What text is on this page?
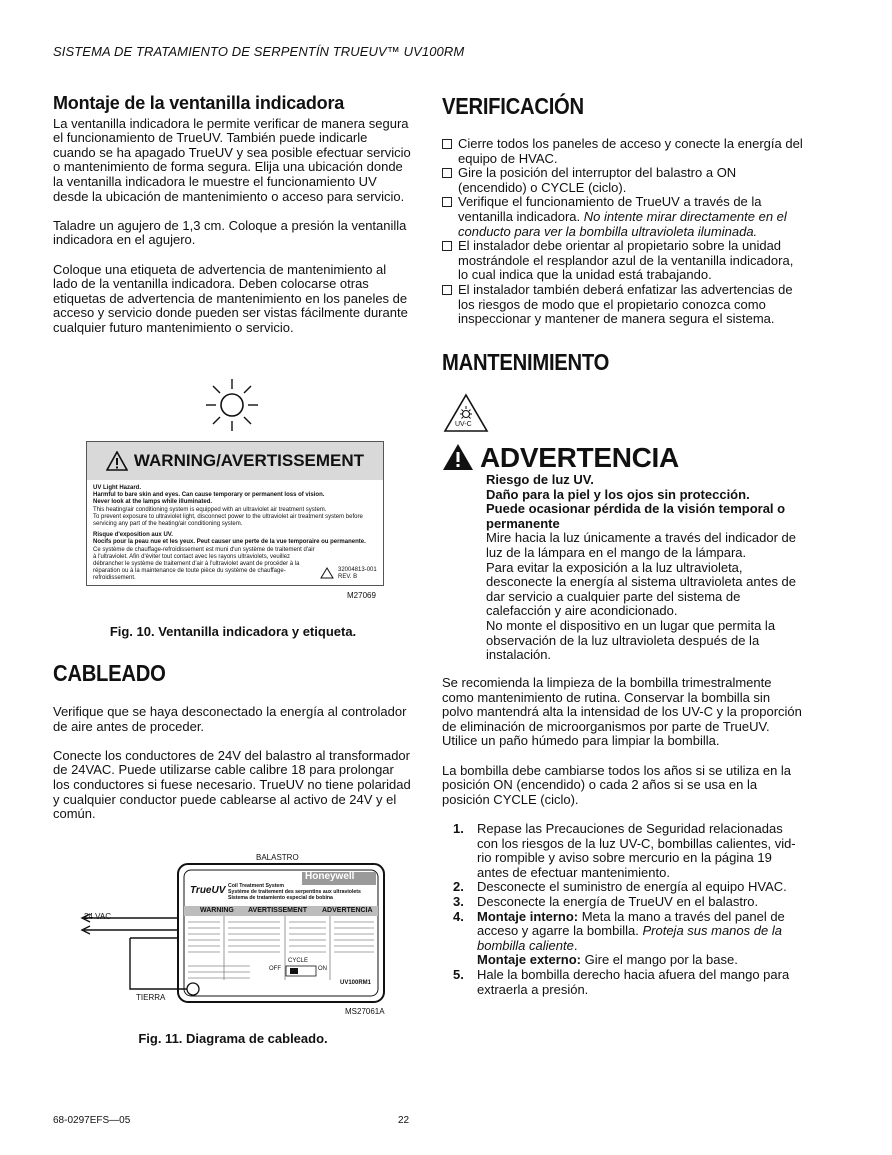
SISTEMA DE TRATAMIENTO DE SERPENTÍN TRUEUV™ UV100RM
Montaje de la ventanilla indicadora

La ventanilla indicadora le permite verificar de manera segura el funcionamiento de TrueUV. También puede indicarle cuando se ha apagado TrueUV y sea posible efectuar servicio o mantenimiento de forma segura. Elija una ubicación donde la ventanilla indicadora le muestre el funcionamiento UV desde la ubicación de mantenimiento o acceso para servicio.

Taladre un agujero de 1,3 cm. Coloque a presión la ventanilla indicadora en el agujero.

Coloque una etiqueta de advertencia de mantenimiento al lado de la ventanilla indicadora. Deben colocarse otras etiquetas de advertencia de mantenimiento en los paneles de acceso y servicio donde pueden ser vistas fácilmente durante cualquier futuro mantenimiento o servicio.

WARNING/AVERTISSEMENT
UV Light Hazard.
Harmful to bare skin and eyes. Can cause temporary or permanent loss of vision.
Never look at the lamps while illuminated.
This heating/air conditioning system is equipped with an ultraviolet air treatment system.
To prevent exposure to ultraviolet light, disconnect power to the ultraviolet air treatment system before servicing any part of the heating/air conditioning system.
Risque d'exposition aux UV.
Nocifs pour la peau nue et les yeux. Peut causer une perte de la vue temporaire ou permanente.
Ce système de chauffage-refroidissement est muni d'un système de traitement d'air à l'ultraviolet. Afin d'éviter tout contact avec les rayons ultraviolets, veuillez débrancher le système de traitement d'air à l'ultraviolet avant de procéder à la réparation ou à la maintenance de toute pièce du système de chauffage-refroidissement.
32004813-001
REV. B
M27069
Fig. 10. Ventanilla indicadora y etiqueta.
CABLEADO

Verifique que se haya desconectado la energía al controlador de aire antes de proceder.

Conecte los conductores de 24V del balastro al transformador de 24VAC. Puede utilizarse cable calibre 18 para prolongar los conductores si fuese necesario. TrueUV no tiene polaridad y cualquier conductor puede cablearse al activo de 24V y el común.

BALASTRO
24 VAC
TIERRA
Honeywell
TrueUV Coil Treatment System
Système de traitement des serpentins aux ultraviolets
Sistema de tratamiento especial de bobina
WARNING AVERTISSEMENT ADVERTENCIA
OFF
CYCLE
ON
UV100RM1
MS27061A
Fig. 11. Diagrama de cableado.
VERIFICACIÓN
Cierre todos los paneles de acceso y conecte la energía del equipo de HVAC.
Gire la posición del interruptor del balastro a ON (encendido) o CYCLE (ciclo).
Verifique el funcionamiento de TrueUV a través de la ventanilla indicadora. No intente mirar directamente en el conducto para ver la bombilla ultravioleta iluminada.
El instalador debe orientar al propietario sobre la unidad mostrándole el resplandor azul de la ventanilla indicadora, lo cual indica que la unidad está trabajando.
El instalador también deberá enfatizar las advertencias de los riesgos de modo que el propietario conozca como inspeccionar y mantener de manera segura el sistema.
MANTENIMIENTO
UV-C
ADVERTENCIA
Riesgo de luz UV.
Daño para la piel y los ojos sin protección.
Puede ocasionar pérdida de la visión temporal o permanente
Mire hacia la luz únicamente a través del indicador de luz de la lámpara en el mango de la lámpara.
Para evitar la exposición a la luz ultravioleta, desconecte la energía al sistema ultravioleta antes de dar servicio a cualquier parte del sistema de calefacción y aire acondicionado.
No monte el dispositivo en un lugar que permita la observación de la luz ultravioleta después de la instalación.

Se recomienda la limpieza de la bombilla trimestralmente como mantenimiento de rutina. Conservar la bombilla sin polvo mantendrá alta la intensidad de los UV-C y la proporción de eliminación de microorganismos por parte de TrueUV. Utilice un paño húmedo para limpiar la bombilla.

La bombilla debe cambiarse todos los años si se utiliza en la posición ON (encendido) o cada 2 años si se usa en la posición CYCLE (ciclo).

1. Repase las Precauciones de Seguridad relacionadas con los riesgos de la luz UV-C, bombillas calientes, vid-rio rompible y aviso sobre mercurio en la página 19 antes de efectuar mantenimiento.
2. Desconecte el suministro de energía al equipo HVAC.
3. Desconecte la energía de TrueUV en el balastro.
4. Montaje interno: Meta la mano a través del panel de acceso y agarre la bombilla. Proteja sus manos de la bombilla caliente.
Montaje externo: Gire el mango por la base.
5. Hale la bombilla derecho hacia afuera del mango para extraerla a presión.
68-0297EFS—05	22
